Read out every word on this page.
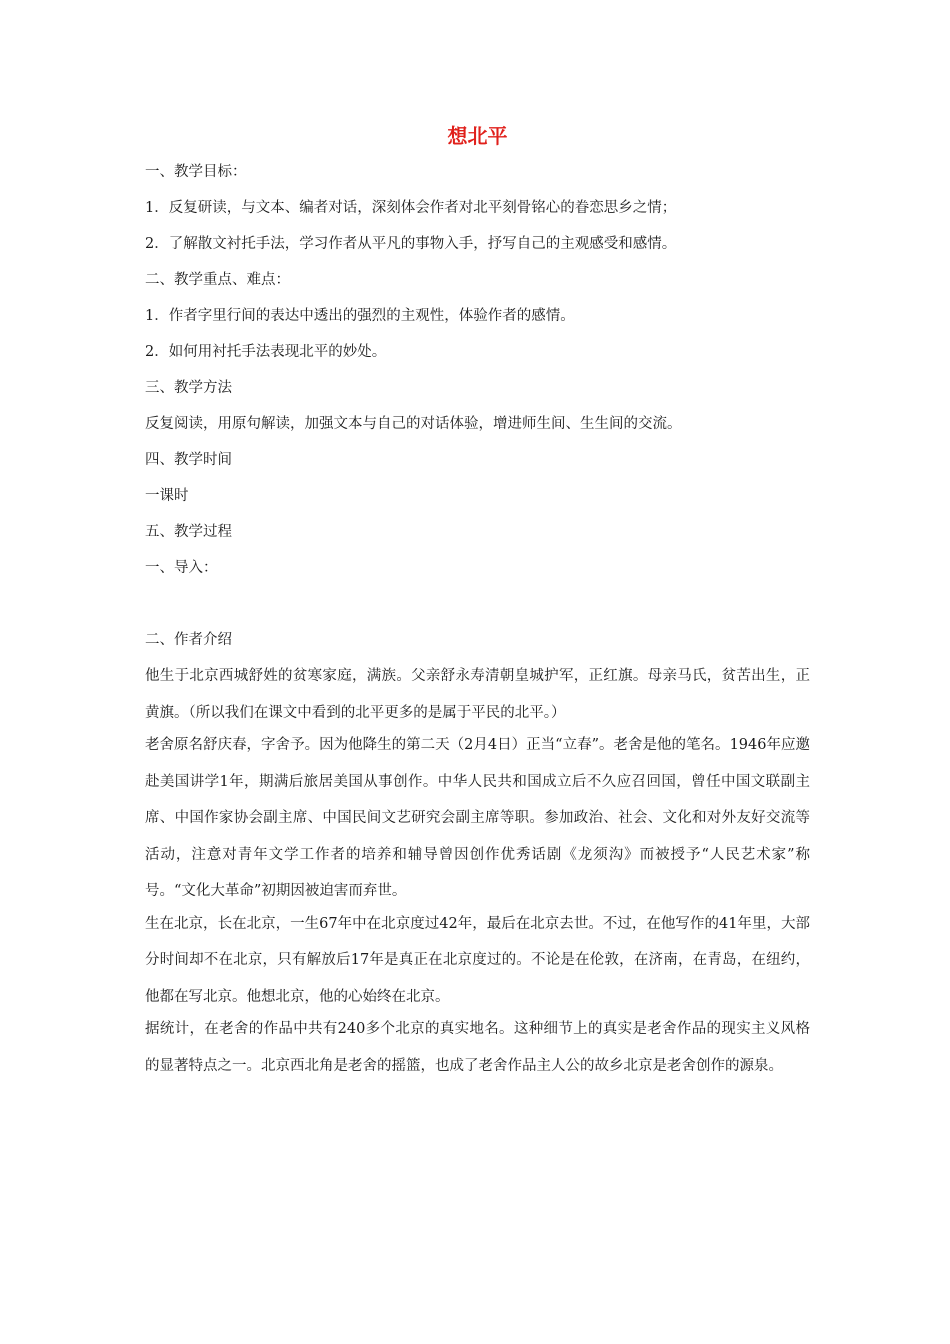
想北平
一、教学目标：
1．反复研读，与文本、编者对话，深刻体会作者对北平刻骨铭心的眷恋思乡之情；
2．了解散文衬托手法，学习作者从平凡的事物入手，抒写自己的主观感受和感情。
二、教学重点、难点：
1．作者字里行间的表达中透出的强烈的主观性，体验作者的感情。
2．如何用衬托手法表现北平的妙处。
三、教学方法
反复阅读，用原句解读，加强文本与自己的对话体验，增进师生间、生生间的交流。
四、教学时间
一课时
五、教学过程
一、导入：
二、作者介绍

他生于北京西城舒姓的贫寒家庭，满族。父亲舒永寿清朝皇城护军，正红旗。母亲马氏，贫苦出生，正黄旗。（所以我们在课文中看到的北平更多的是属于平民的北平。）

老舍原名舒庆春，字舍予。因为他降生的第二天（2月4日）正当“立春”。老舍是他的笔名。1946年应邀赴美国讲学1年，期满后旅居美国从事创作。中华人民共和国成立后不久应召回国，曾任中国文联副主席、中国作家协会副主席、中国民间文艺研究会副主席等职。参加政治、社会、文化和对外友好交流等活动，注意对青年文学工作者的培养和辅导曾因创作优秀话剧《龙须沟》而被授予“人民艺术家”称号。“文化大革命”初期因被迫害而弃世。

生在北京，长在北京，一生67年中在北京度过42年，最后在北京去世。不过，在他写作的41年里，大部分时间却不在北京，只有解放后17年是真正在北京度过的。不论是在伦敦，在济南，在青岛，在纽约，他都在写北京。他想北京，他的心始终在北京。

据统计，在老舍的作品中共有240多个北京的真实地名。这种细节上的真实是老舍作品的现实主义风格的显著特点之一。北京西北角是老舍的摇篮，也成了老舍作品主人公的故乡北京是老舍创作的源泉。
